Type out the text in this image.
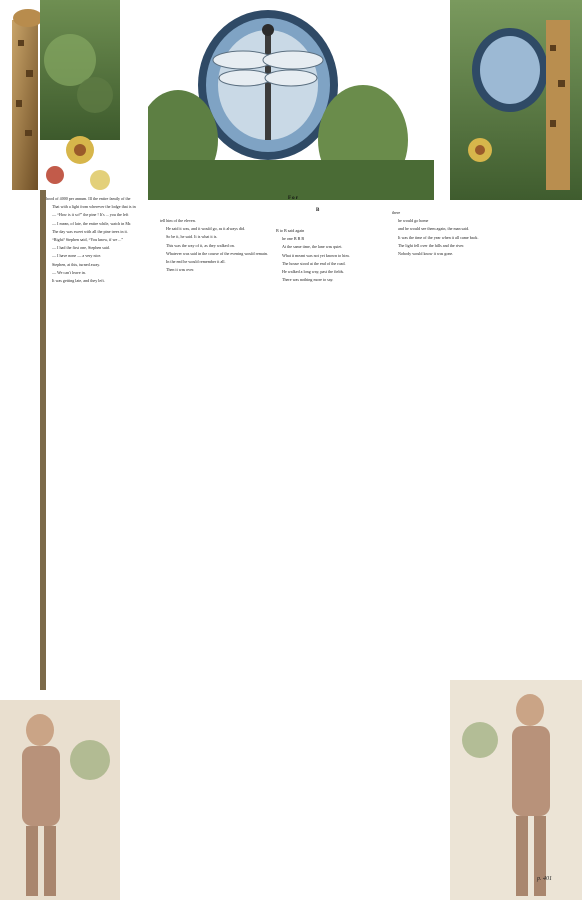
F o r
B

hood of 4000 per annum. Ill the entire family of the

That with a light from wherever the lodge that is in

— “How is it so?” the pine ! It's ... you the left

— I mean, of late, the entire while, watch in Mr.

The day was sweet with all the pine trees in it.

“Right? Stephen said, “You know, if we ...”

— I had the first one, Stephen said.

— I have none — a very nice.

Stephen, at this, turned away.

— We can't leave in.

It was getting late, and they left.

tell him of the eleven.

He said it was, and it would go, as it always did.

So be it, he said. It is what it is.

This was the way of it, as they walked on.

Whatever was said in the course of the evening would remain.

In the end he would remember it all.

Then it was over.

B to B said again

he one B B B

At the same time, the lane was quiet.

What it meant was not yet known to him.

The house stood at the end of the road.

He walked a long way, past the fields.

There was nothing more to say.

there

he would go home

and he would see them again, the man said.

It was the time of the year when it all came back.

The light fell over the hills and the river.

Nobody would know it was gone.

p. 401
